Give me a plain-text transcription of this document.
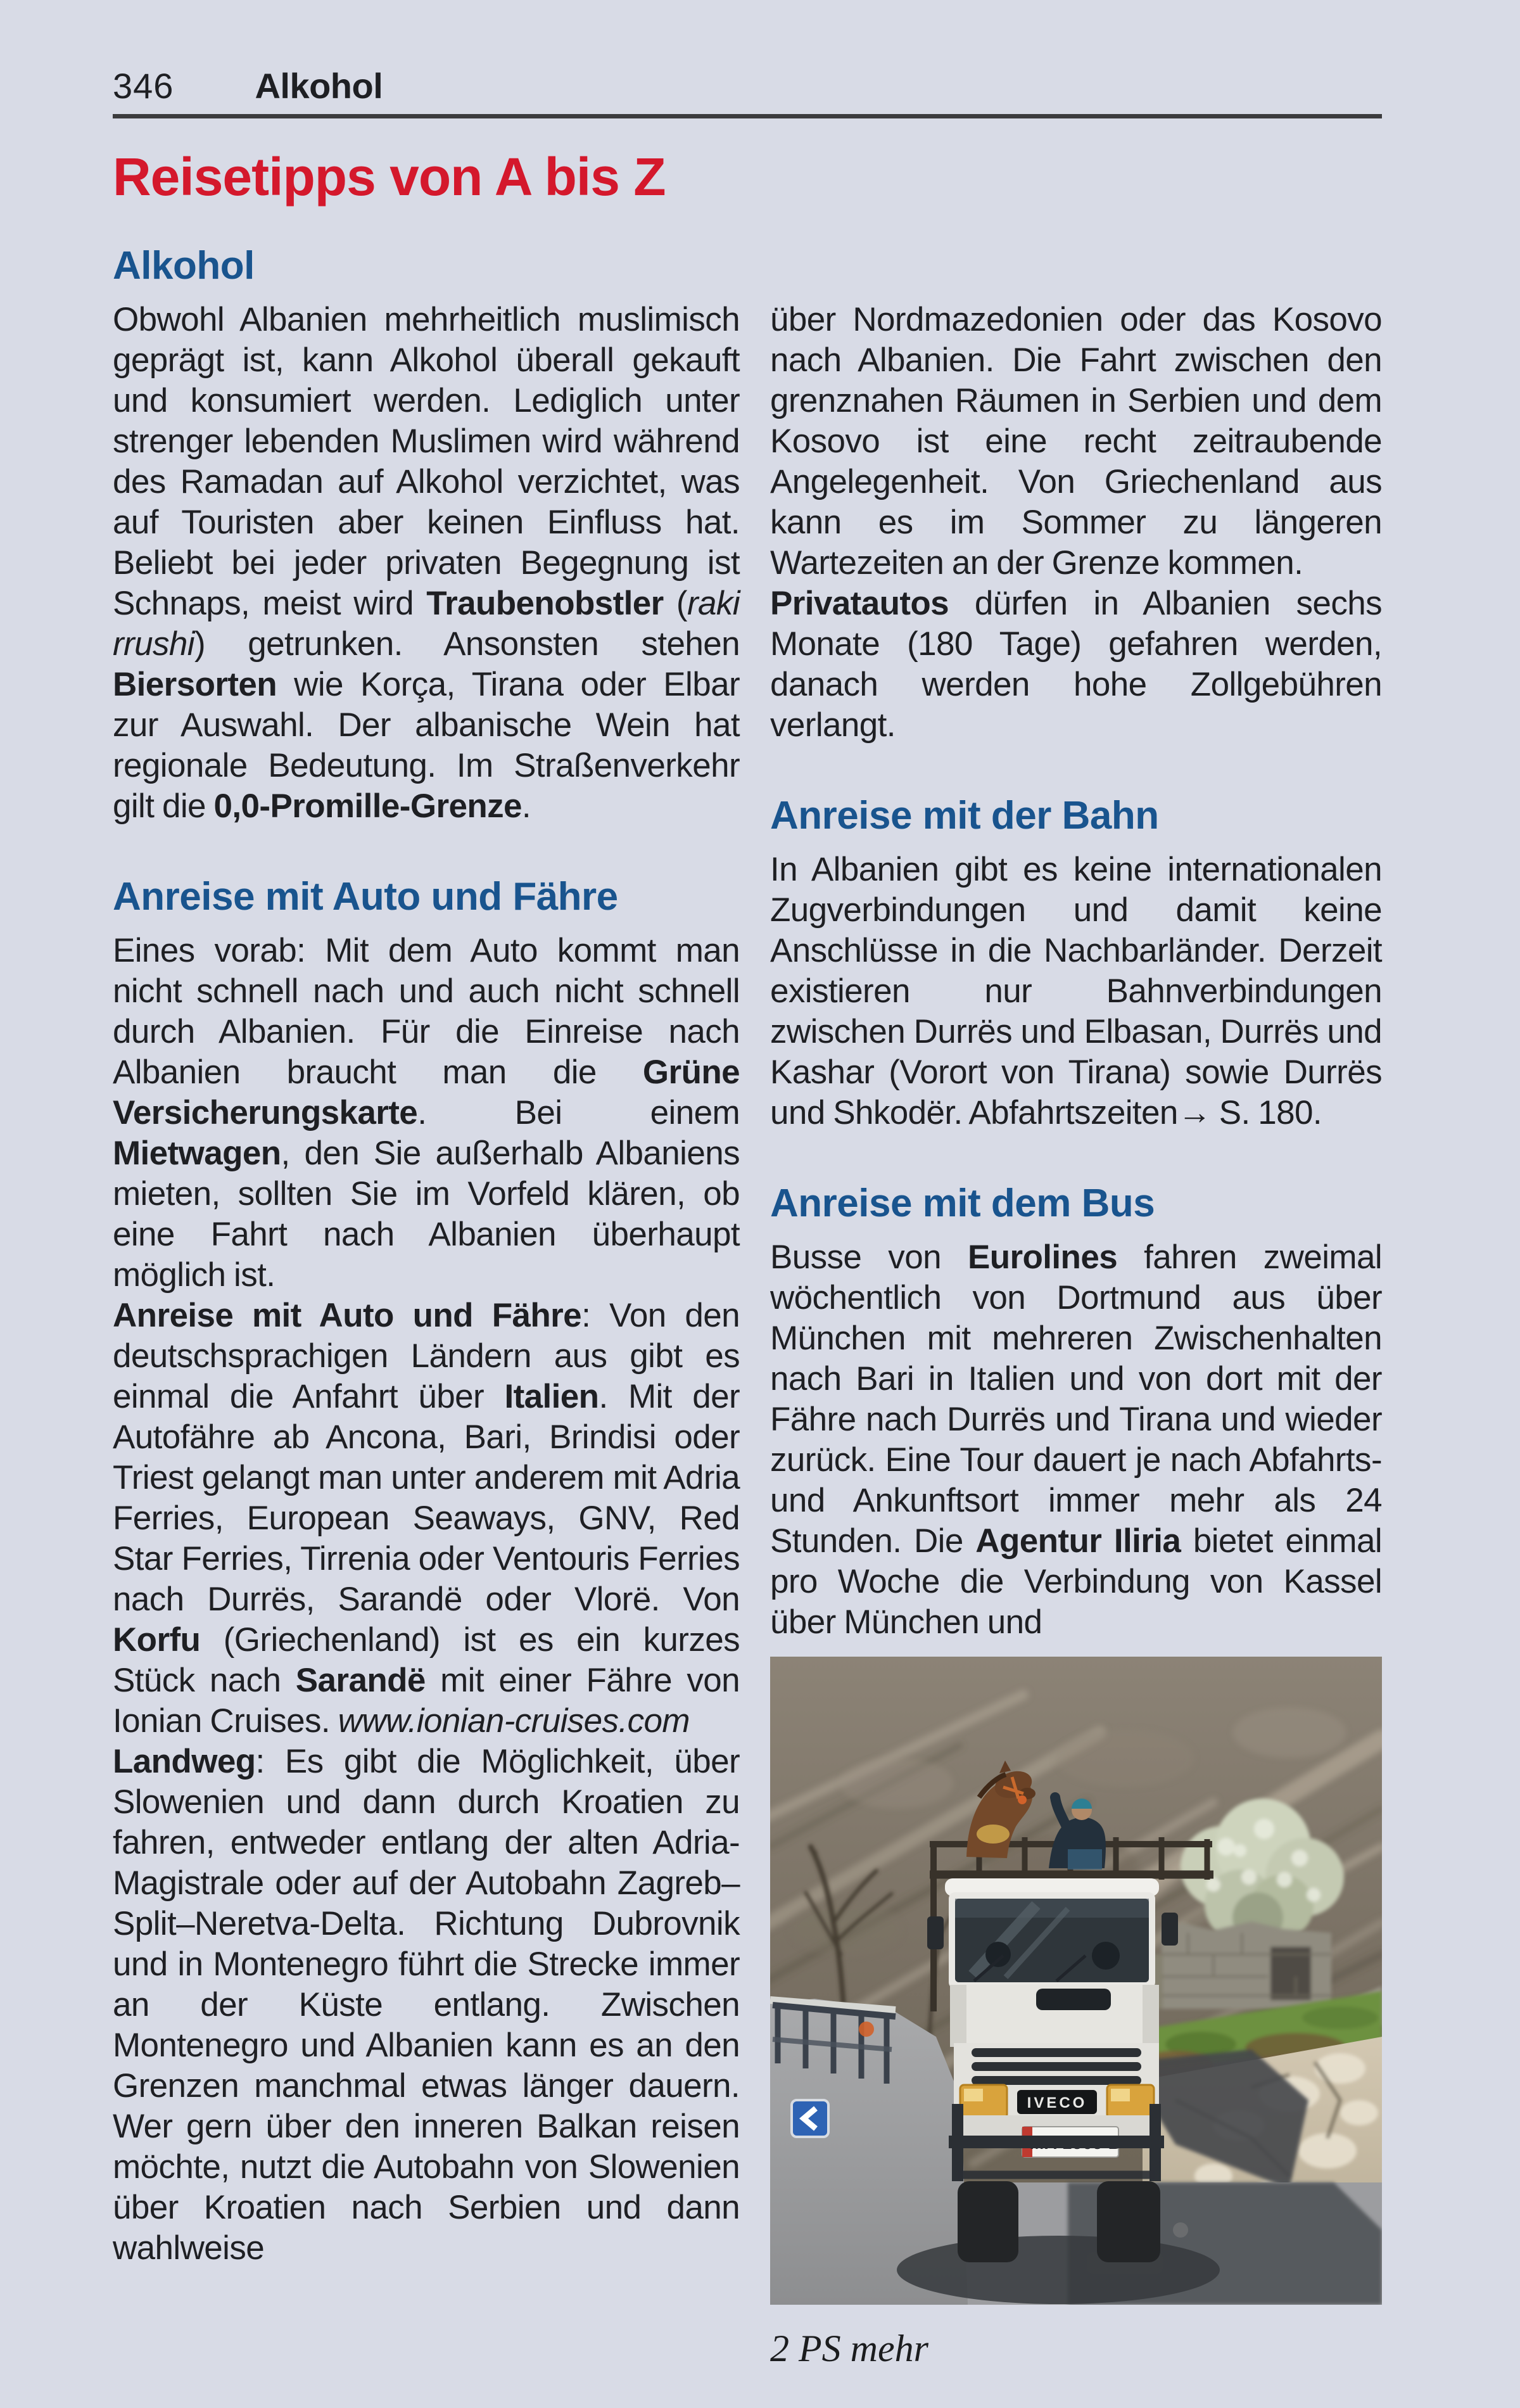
346 Alkohol
Reisetipps von A bis Z
Alkohol

Obwohl Albanien mehrheitlich muslimisch geprägt ist, kann Alkohol überall gekauft und konsumiert werden. Lediglich unter strenger lebenden Muslimen wird während des Ramadan auf Alkohol verzichtet, was auf Touristen aber keinen Einfluss hat. Beliebt bei jeder privaten Begegnung ist Schnaps, meist wird Traubenobstler (raki rrushi) getrunken. Ansonsten stehen Biersorten wie Korça, Tirana oder Elbar zur Auswahl. Der albanische Wein hat regionale Bedeutung. Im Straßenverkehr gilt die 0,0-Promille-Grenze.

Anreise mit Auto und Fähre

Eines vorab: Mit dem Auto kommt man nicht schnell nach und auch nicht schnell durch Albanien. Für die Einreise nach Albanien braucht man die Grüne Versicherungskarte. Bei einem Mietwagen, den Sie außerhalb Albaniens mieten, sollten Sie im Vorfeld klären, ob eine Fahrt nach Albanien überhaupt möglich ist.

Anreise mit Auto und Fähre: Von den deutschsprachigen Ländern aus gibt es einmal die Anfahrt über Italien. Mit der Autofähre ab Ancona, Bari, Brindisi oder Triest gelangt man unter anderem mit Adria Ferries, European Seaways, GNV, Red Star Ferries, Tirrenia oder Ventouris Ferries nach Durrës, Sarandë oder Vlorë. Von Korfu (Griechenland) ist es ein kurzes Stück nach Sarandë mit einer Fähre von Ionian Cruises. www.ionian-cruises.com

Landweg: Es gibt die Möglichkeit, über Slowenien und dann durch Kroatien zu fahren, entweder entlang der alten Adria-Magistrale oder auf der Autobahn Zagreb–Split–Neretva-Delta. Richtung Dubrovnik und in Montenegro führt die Strecke immer an der Küste entlang. Zwischen Montenegro und Albanien kann es an den Grenzen manchmal etwas länger dauern. Wer gern über den inneren Balkan reisen möchte, nutzt die Autobahn von Slowenien über Kroatien nach Serbien und dann wahlweise

über Nordmazedonien oder das Kosovo nach Albanien. Die Fahrt zwischen den grenznahen Räumen in Serbien und dem Kosovo ist eine recht zeitraubende Angelegenheit. Von Griechenland aus kann es im Sommer zu längeren Wartezeiten an der Grenze kommen.

Privatautos dürfen in Albanien sechs Monate (180 Tage) gefahren werden, danach werden hohe Zollgebühren verlangt.

Anreise mit der Bahn

In Albanien gibt es keine internationalen Zugverbindungen und damit keine Anschlüsse in die Nachbarländer. Derzeit existieren nur Bahnverbindungen zwischen Durrës und Elbasan, Durrës und Kashar (Vorort von Tirana) sowie Durrës und Shkodër. Abfahrtszeiten→ S. 180.

Anreise mit dem Bus

Busse von Eurolines fahren zweimal wöchentlich von Dortmund aus über München mit mehreren Zwischenhalten nach Bari in Italien und von dort mit der Fähre nach Durrës und Tirana und wieder zurück. Eine Tour dauert je nach Abfahrts- und Ankunftsort immer mehr als 24 Stunden. Die Agentur Iliria bietet einmal pro Woche die Verbindung von Kassel über München und

IVECO
MA 1565 B
2 PS mehr
